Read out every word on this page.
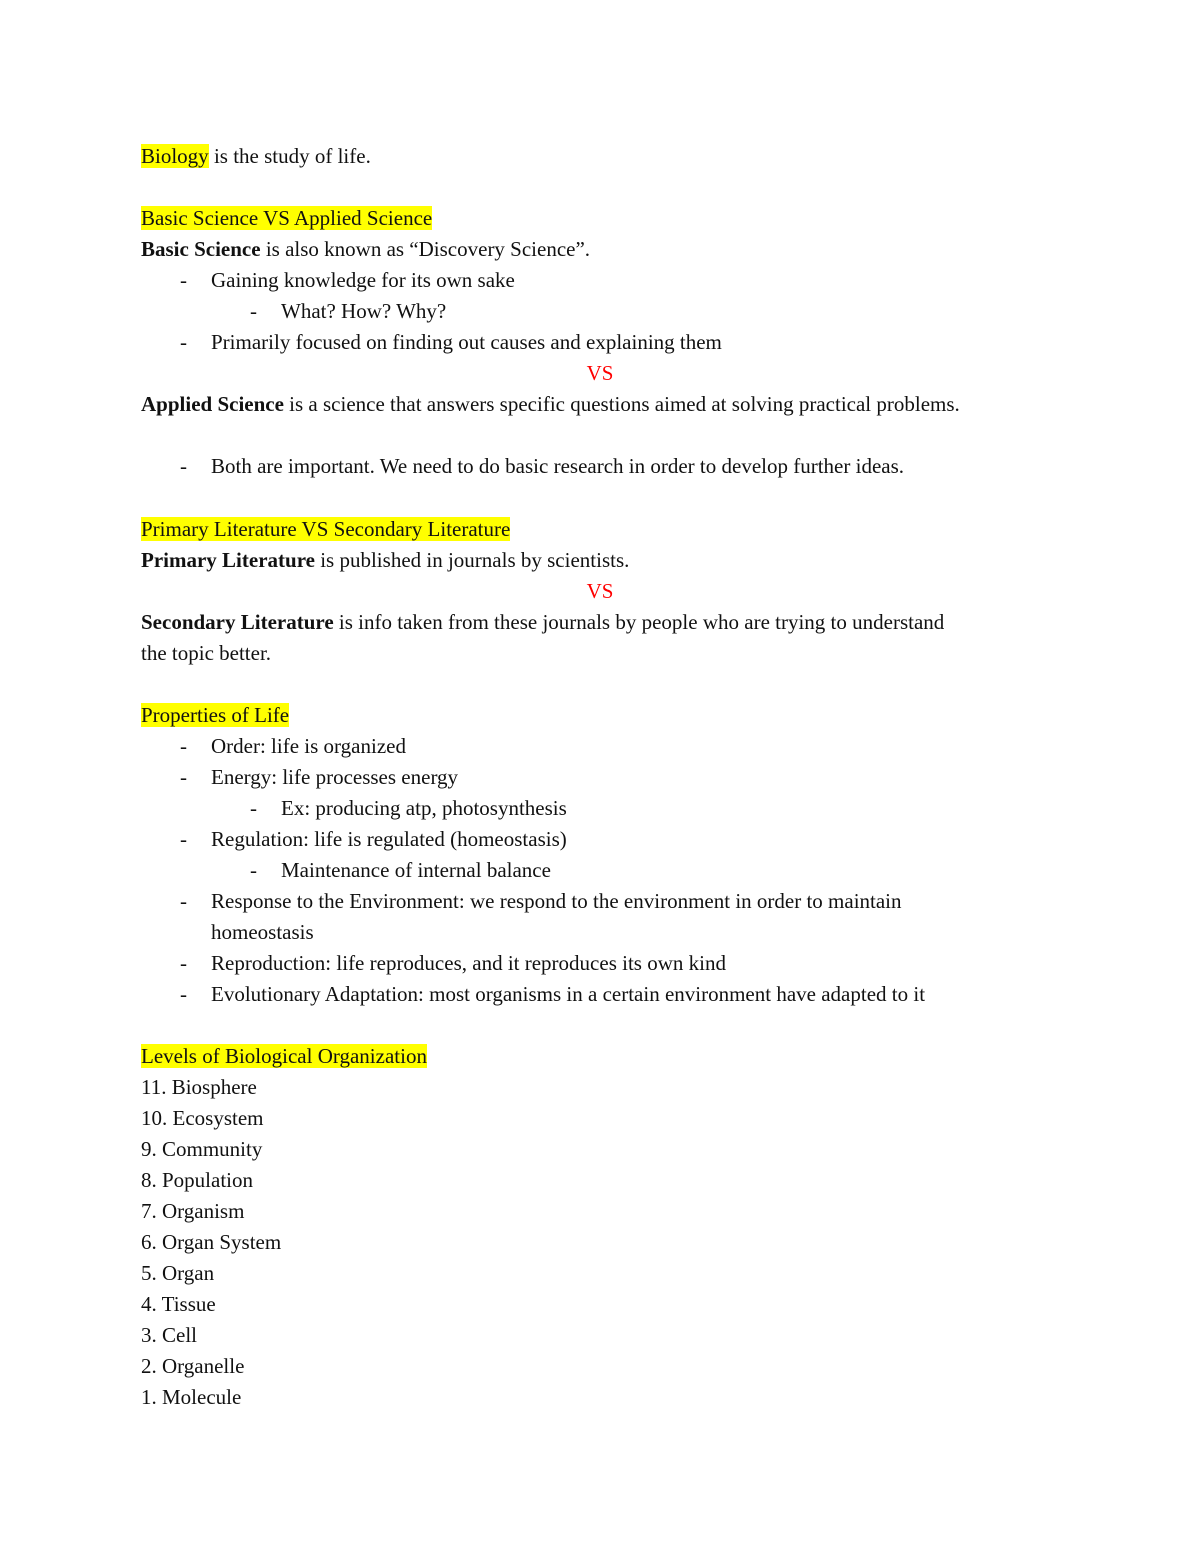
Biology is the study of life.
Basic Science VS Applied Science
Basic Science is also known as “Discovery Science”.
- Gaining knowledge for its own sake
- What? How? Why?
- Primarily focused on finding out causes and explaining them
VS
Applied Science is a science that answers specific questions aimed at solving practical problems.
- Both are important. We need to do basic research in order to develop further ideas.
Primary Literature VS Secondary Literature
Primary Literature is published in journals by scientists.
VS
Secondary Literature is info taken from these journals by people who are trying to understand
the topic better.
Properties of Life
- Order: life is organized
- Energy: life processes energy
- Ex: producing atp, photosynthesis
- Regulation: life is regulated (homeostasis)
- Maintenance of internal balance
- Response to the Environment: we respond to the environment in order to maintain
homeostasis
- Reproduction: life reproduces, and it reproduces its own kind
- Evolutionary Adaptation: most organisms in a certain environment have adapted to it
Levels of Biological Organization
11. Biosphere
10. Ecosystem
9. Community
8. Population
7. Organism
6. Organ System
5. Organ
4. Tissue
3. Cell
2. Organelle
1. Molecule
